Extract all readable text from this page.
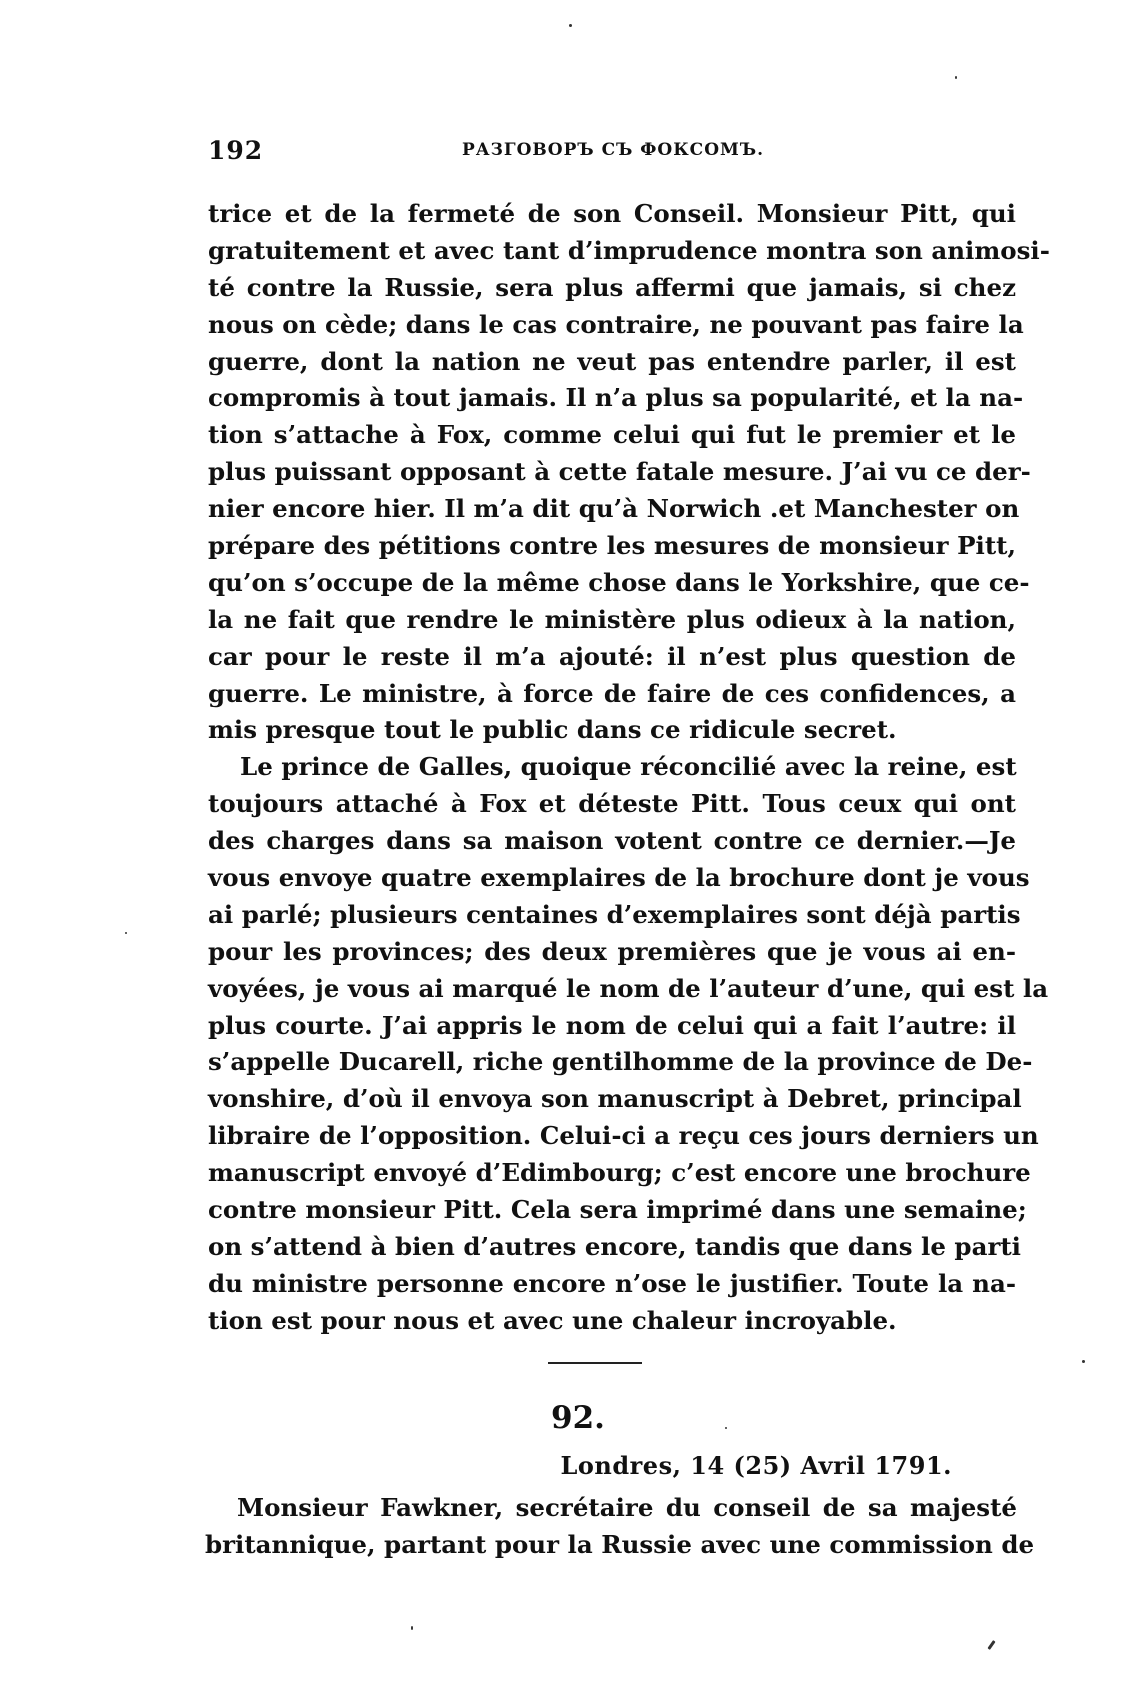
192	РАЗГОВОРЪ СЪ ФОКСОМЪ.
trice et de la fermeté de son Conseil. Monsieur Pitt, qui
gratuitement et avec tant d’imprudence montra son animosi-
té contre la Russie, sera plus affermi que jamais, si chez
nous on cède; dans le cas contraire, ne pouvant pas faire la
guerre, dont la nation ne veut pas entendre parler, il est
compromis à tout jamais. Il n’a plus sa popularité, et la na-
tion s’attache à Fox, comme celui qui fut le premier et le
plus puissant opposant à cette fatale mesure. J’ai vu ce der-
nier encore hier. Il m’a dit qu’à Norwich .et Manchester on
prépare des pétitions contre les mesures de monsieur Pitt,
qu’on s’occupe de la même chose dans le Yorkshire, que ce-
la ne fait que rendre le ministère plus odieux à la nation,
car pour le reste il m’a ajouté: il n’est plus question de
guerre. Le ministre, à force de faire de ces confidences, a
mis presque tout le public dans ce ridicule secret.
Le prince de Galles, quoique réconcilié avec la reine, est
toujours attaché à Fox et déteste Pitt. Tous ceux qui ont
des charges dans sa maison votent contre ce dernier.—Je
vous envoye quatre exemplaires de la brochure dont je vous
ai parlé; plusieurs centaines d’exemplaires sont déjà partis
pour les provinces; des deux premières que je vous ai en-
voyées, je vous ai marqué le nom de l’auteur d’une, qui est la
plus courte. J’ai appris le nom de celui qui a fait l’autre: il
s’appelle Ducarell, riche gentilhomme de la province de De-
vonshire, d’où il envoya son manuscript à Debret, principal
libraire de l’opposition. Celui-ci a reçu ces jours derniers un
manuscript envoyé d’Edimbourg; c’est encore une brochure
contre monsieur Pitt. Cela sera imprimé dans une semaine;
on s’attend à bien d’autres encore, tandis que dans le parti
du ministre personne encore n’ose le justifier. Toute la na-
tion est pour nous et avec une chaleur incroyable.
92.
Londres, 14 (25) Avril 1791.
Monsieur Fawkner, secrétaire du conseil de sa majesté
britannique, partant pour la Russie avec une commission de
